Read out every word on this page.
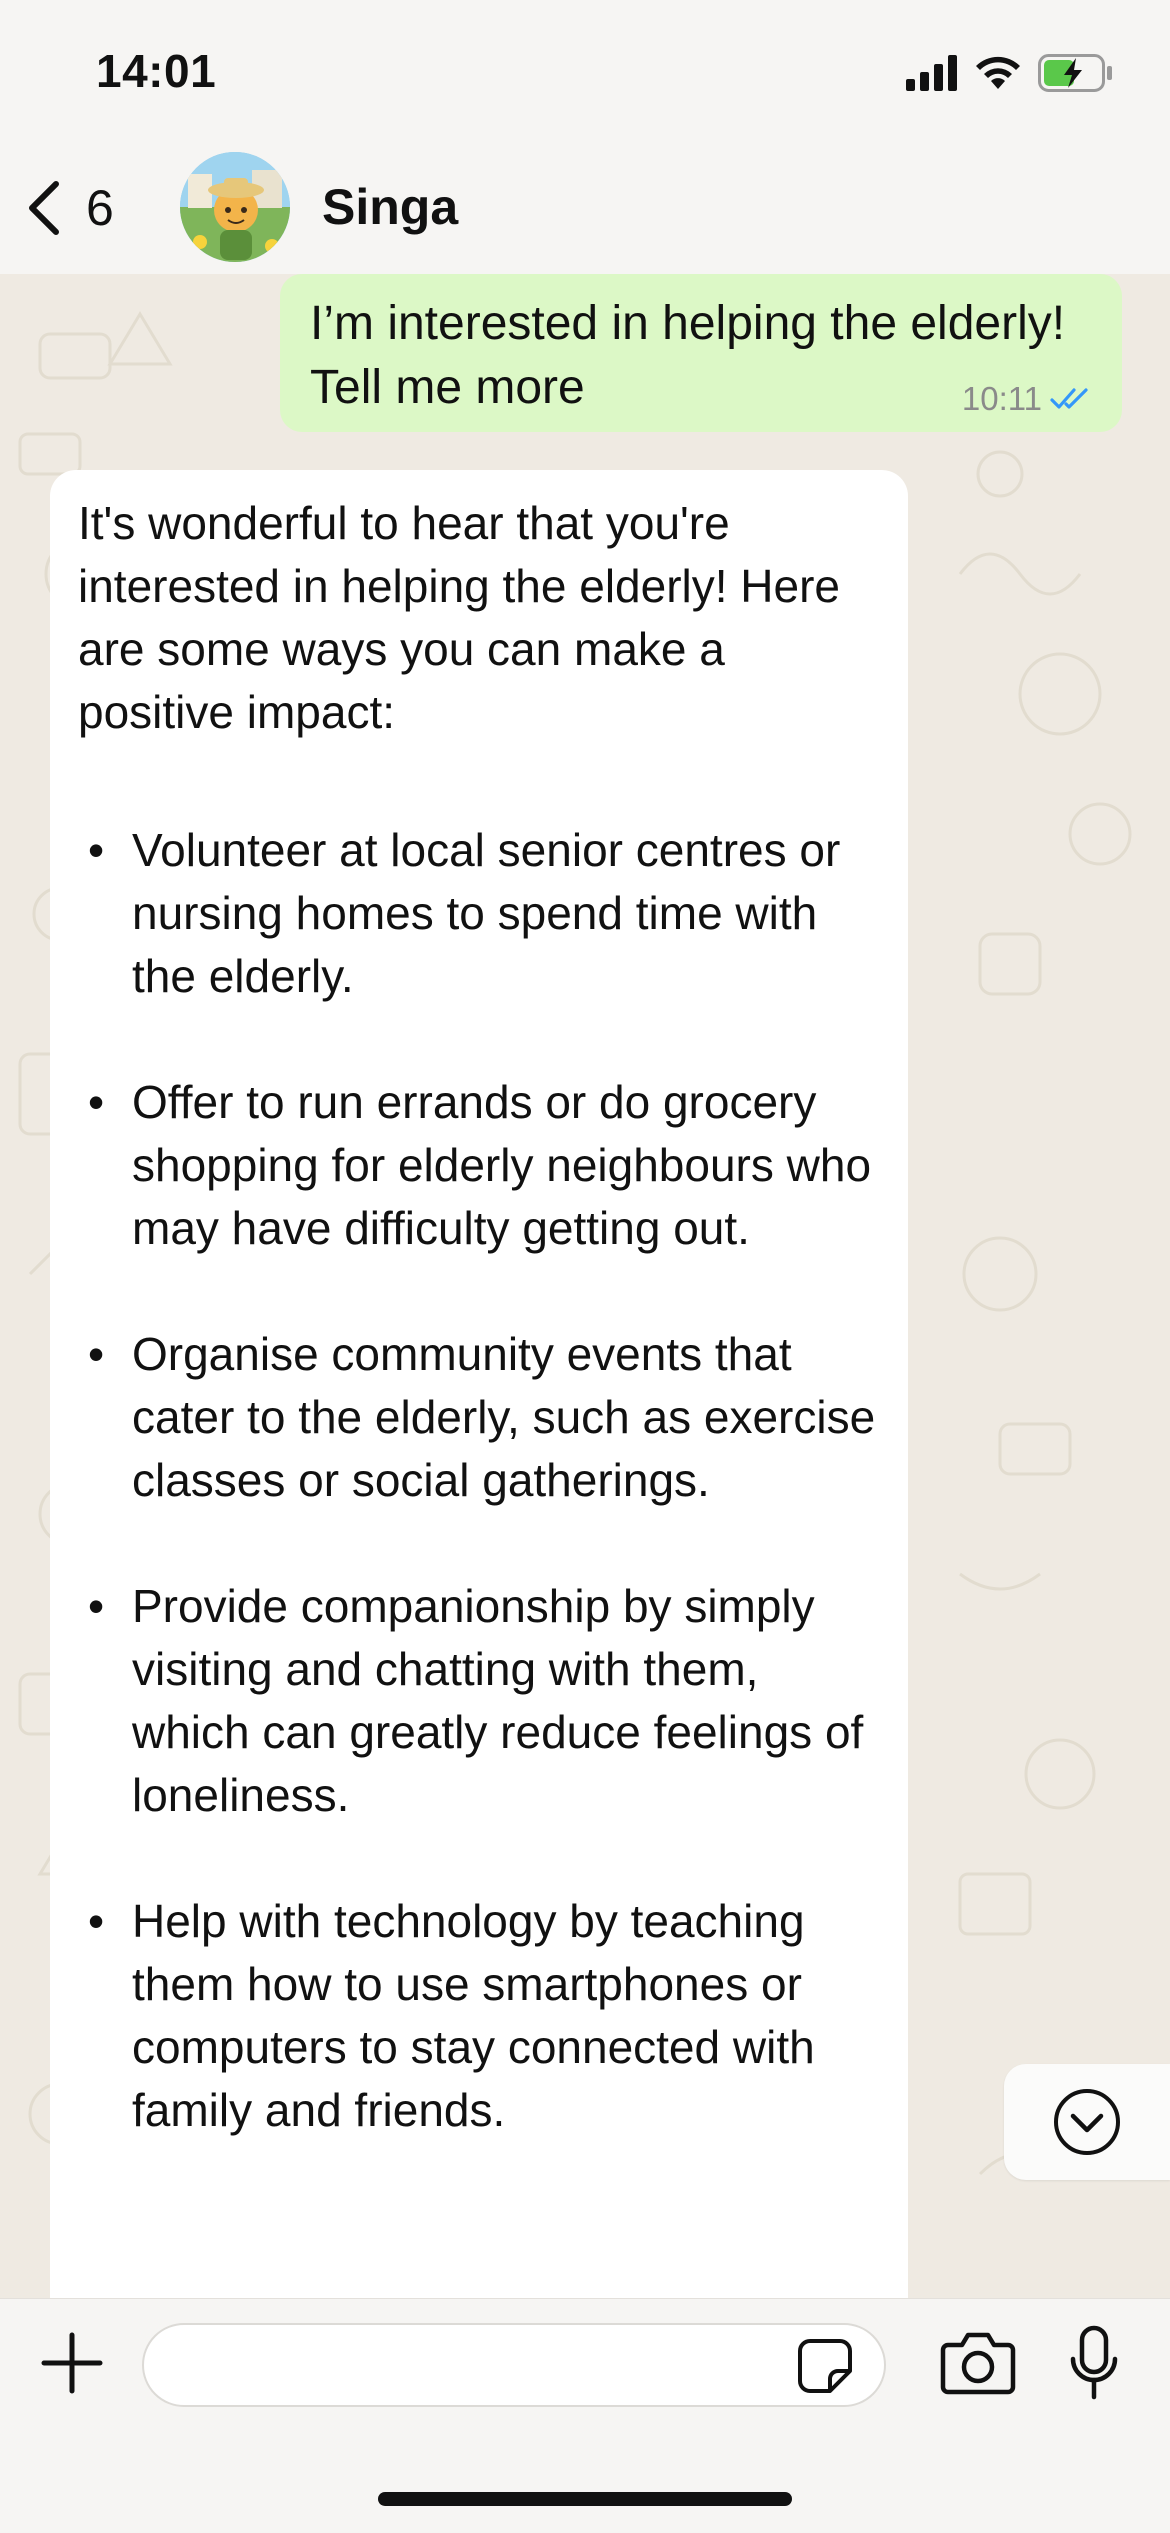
14:01
6	Singa
I’m interested in helping the elderly! Tell me more	10:11
It's wonderful to hear that you're interested in helping the elderly! Here are some ways you can make a positive impact:
• Volunteer at local senior centres or nursing homes to spend time with the elderly.
• Offer to run errands or do grocery shopping for elderly neighbours who may have difficulty getting out.
• Organise community events that cater to the elderly, such as exercise classes or social gatherings.
• Provide companionship by simply visiting and chatting with them, which can greatly reduce feelings of loneliness.
• Help with technology by teaching them how to use smartphones or computers to stay connected with family and friends.
